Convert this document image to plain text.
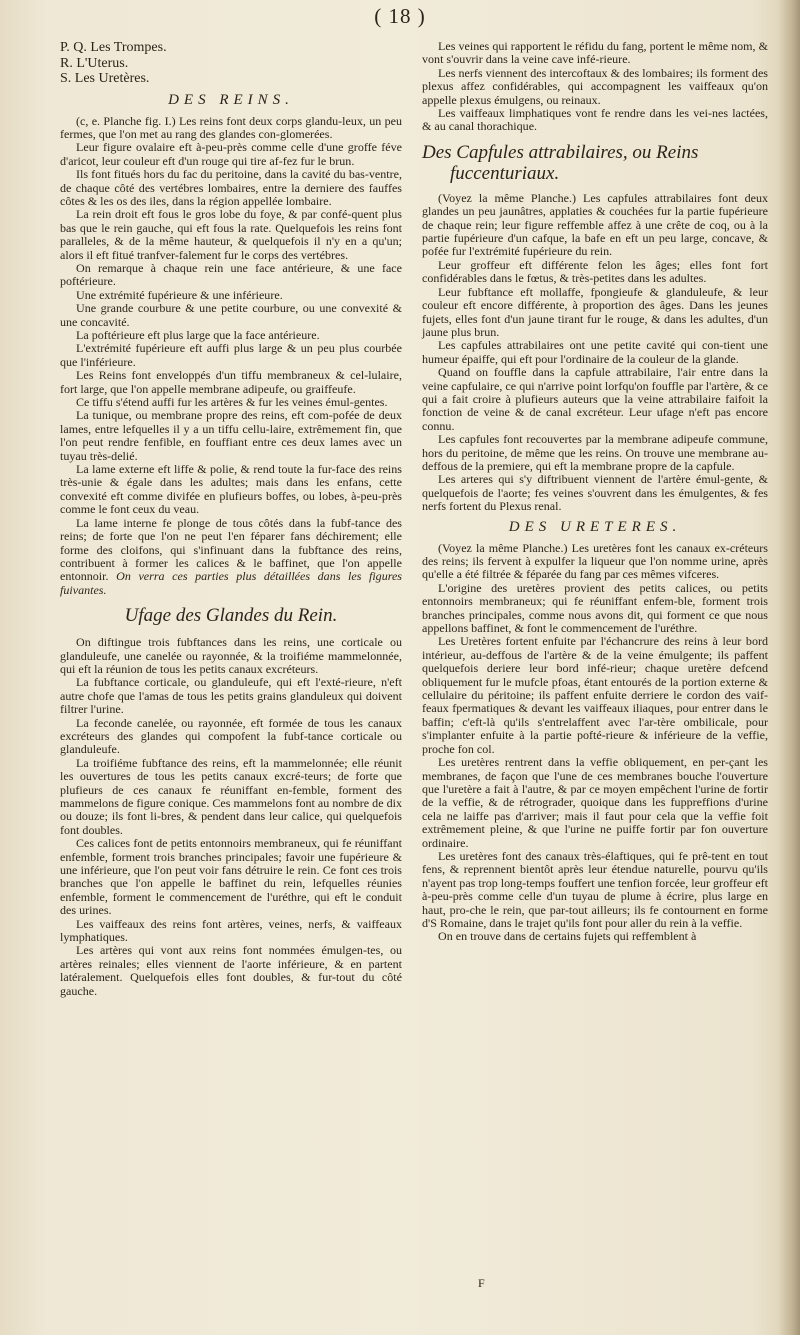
( 18 )

P. Q. Les Trompes.

R. L'Uterus.

S. Les Uretères.

DES REINS.

(c, e. Planche fig. I.) Les reins font deux corps glandu-leux, un peu fermes, que l'on met au rang des glandes con-glomerées.

Leur figure ovalaire eft à-peu-près comme celle d'une groffe féve d'aricot, leur couleur eft d'un rouge qui tire af-fez fur le brun.

Ils font fitués hors du fac du peritoine, dans la cavité du bas-ventre, de chaque côté des vertébres lombaires, entre la derniere des fauffes côtes & les os des iles, dans la région appellée lombaire.

La rein droit eft fous le gros lobe du foye, & par confé-quent plus bas que le rein gauche, qui eft fous la rate. Quelquefois les reins font paralleles, & de la même hauteur, & quelquefois il n'y en a qu'un; alors il eft fitué tranfver-falement fur le corps des vertébres.

On remarque à chaque rein une face antérieure, & une face poftérieure.

Une extrémité fupérieure & une inférieure.

Une grande courbure & une petite courbure, ou une convexité & une concavité.

La poftérieure eft plus large que la face antérieure.

L'extrémité fupérieure eft auffi plus large & un peu plus courbée que l'inférieure.

Les Reins font enveloppés d'un tiffu membraneux & cel-lulaire, fort large, que l'on appelle membrane adipeufe, ou graiffeufe.

Ce tiffu s'étend auffi fur les artères & fur les veines émul-gentes.

La tunique, ou membrane propre des reins, eft com-pofée de deux lames, entre lefquelles il y a un tiffu cellu-laire, extrêmement fin, que l'on peut rendre fenfible, en fouffiant entre ces deux lames avec un tuyau très-delié.

La lame externe eft liffe & polie, & rend toute la fur-face des reins très-unie & égale dans les adultes; mais dans les enfans, cette convexité eft comme divifée en plufieurs boffes, ou lobes, à-peu-près comme le font ceux du veau.

La lame interne fe plonge de tous côtés dans la fubf-tance des reins; de forte que l'on ne peut l'en féparer fans déchirement; elle forme des cloifons, qui s'infinuant dans la fubftance des reins, contribuent à former les calices & le baffinet, que l'on appelle entonnoir. On verra ces parties plus détaillées dans les figures fuivantes.

Ufage des Glandes du Rein.

On diftingue trois fubftances dans les reins, une corticale ou glanduleufe, une canelée ou rayonnée, & la troifiéme mammelonnée, qui eft la réunion de tous les petits canaux excréteurs.

La fubftance corticale, ou glanduleufe, qui eft l'exté-rieure, n'eft autre chofe que l'amas de tous les petits grains glanduleux qui doivent filtrer l'urine.

La feconde canelée, ou rayonnée, eft formée de tous les canaux excréteurs des glandes qui compofent la fubf-tance corticale ou glanduleufe.

La troifiéme fubftance des reins, eft la mammelonnée; elle réunit les ouvertures de tous les petits canaux excré-teurs; de forte que plufieurs de ces canaux fe réuniffant en-femble, forment des mammelons de figure conique. Ces mammelons font au nombre de dix ou douze; ils font li-bres, & pendent dans leur calice, qui quelquefois font doubles.

Ces calices font de petits entonnoirs membraneux, qui fe réuniffant enfemble, forment trois branches principales; favoir une fupérieure & une inférieure, que l'on peut voir fans détruire le rein. Ce font ces trois branches que l'on appelle le baffinet du rein, lefquelles réunies enfemble, forment le commencement de l'uréthre, qui eft le conduit des urines.

Les vaiffeaux des reins font artères, veines, nerfs, & vaiffeaux lymphatiques.

Les artères qui vont aux reins font nommées émulgen-tes, ou artères reinales; elles viennent de l'aorte inférieure, & en partent latéralement. Quelquefois elles font doubles, & fur-tout du côté gauche.

Les veines qui rapportent le réfidu du fang, portent le même nom, & vont s'ouvrir dans la veine cave infé-rieure.

Les nerfs viennent des intercoftaux & des lombaires; ils forment des plexus affez confidérables, qui accompagnent les vaiffeaux qu'on appelle plexus émulgens, ou reinaux.

Les vaiffeaux limphatiques vont fe rendre dans les vei-nes lactées, & au canal thorachique.

Des Capfules attrabilaires, ou Reins
fuccenturiaux.

(Voyez la même Planche.) Les capfules attrabilaires font deux glandes un peu jaunâtres, applaties & couchées fur la partie fupérieure de chaque rein; leur figure reffemble affez à une crête de coq, ou à la partie fupérieure d'un cafque, la bafe en eft un peu large, concave, & pofée fur l'extrémité fupérieure du rein.

Leur groffeur eft différente felon les âges; elles font fort confidérables dans le fœtus, & très-petites dans les adultes.

Leur fubftance eft mollaffe, fpongieufe & glanduleufe, & leur couleur eft encore différente, à proportion des âges. Dans les jeunes fujets, elles font d'un jaune tirant fur le rouge, & dans les adultes, d'un jaune plus brun.

Les capfules attrabilaires ont une petite cavité qui con-tient une humeur épaiffe, qui eft pour l'ordinaire de la couleur de la glande.

Quand on fouffle dans la capfule attrabilaire, l'air entre dans la veine capfulaire, ce qui n'arrive point lorfqu'on fouffle par l'artère, & ce qui a fait croire à plufieurs auteurs que la veine attrabilaire faifoit la fonction de veine & de canal excréteur. Leur ufage n'eft pas encore connu.

Les capfules font recouvertes par la membrane adipeufe commune, hors du peritoine, de même que les reins. On trouve une membrane au-deffous de la premiere, qui eft la membrane propre de la capfule.

Les arteres qui s'y diftribuent viennent de l'artère émul-gente, & quelquefois de l'aorte; fes veines s'ouvrent dans les émulgentes, & fes nerfs fortent du Plexus renal.

DES URETERES.

(Voyez la même Planche.) Les uretères font les canaux ex-créteurs des reins; ils fervent à expulfer la liqueur que l'on nomme urine, après qu'elle a été filtrée & féparée du fang par ces mêmes vifceres.

L'origine des uretères provient des petits calices, ou petits entonnoirs membraneux; qui fe réuniffant enfem-ble, forment trois branches principales, comme nous avons dit, qui forment ce que nous appellons baffinet, & font le commencement de l'uréthre.

Les Uretères fortent enfuite par l'échancrure des reins à leur bord intérieur, au-deffous de l'artère & de la veine émulgente; ils paffent quelquefois deriere leur bord infé-rieur; chaque uretère defcend obliquement fur le mufcle pfoas, étant entourés de la portion externe & cellulaire du péritoine; ils paffent enfuite derriere le cordon des vaif-feaux fpermatiques & devant les vaiffeaux iliaques, pour entrer dans le baffin; c'eft-là qu'ils s'entrelaffent avec l'ar-tère ombilicale, pour s'implanter enfuite à la partie pofté-rieure & inférieure de la veffie, proche fon col.

Les uretères rentrent dans la veffie obliquement, en per-çant les membranes, de façon que l'une de ces membranes bouche l'ouverture que l'uretère a fait à l'autre, & par ce moyen empêchent l'urine de fortir de la veffie, & de rétrograder, quoique dans les fuppreffions d'urine cela ne laiffe pas d'arriver; mais il faut pour cela que la veffie foit extrêmement pleine, & que l'urine ne puiffe fortir par fon ouverture ordinaire.

Les uretères font des canaux très-élaftiques, qui fe prê-tent en tout fens, & reprennent bientôt après leur étendue naturelle, pourvu qu'ils n'ayent pas trop long-temps fouffert une tenfion forcée, leur groffeur eft à-peu-près comme celle d'un tuyau de plume à écrire, plus large en haut, pro-che le rein, que par-tout ailleurs; ils fe contournent en forme d'S Romaine, dans le trajet qu'ils font pour aller du rein à la veffie.

On en trouve dans de certains fujets qui reffemblent à

F
